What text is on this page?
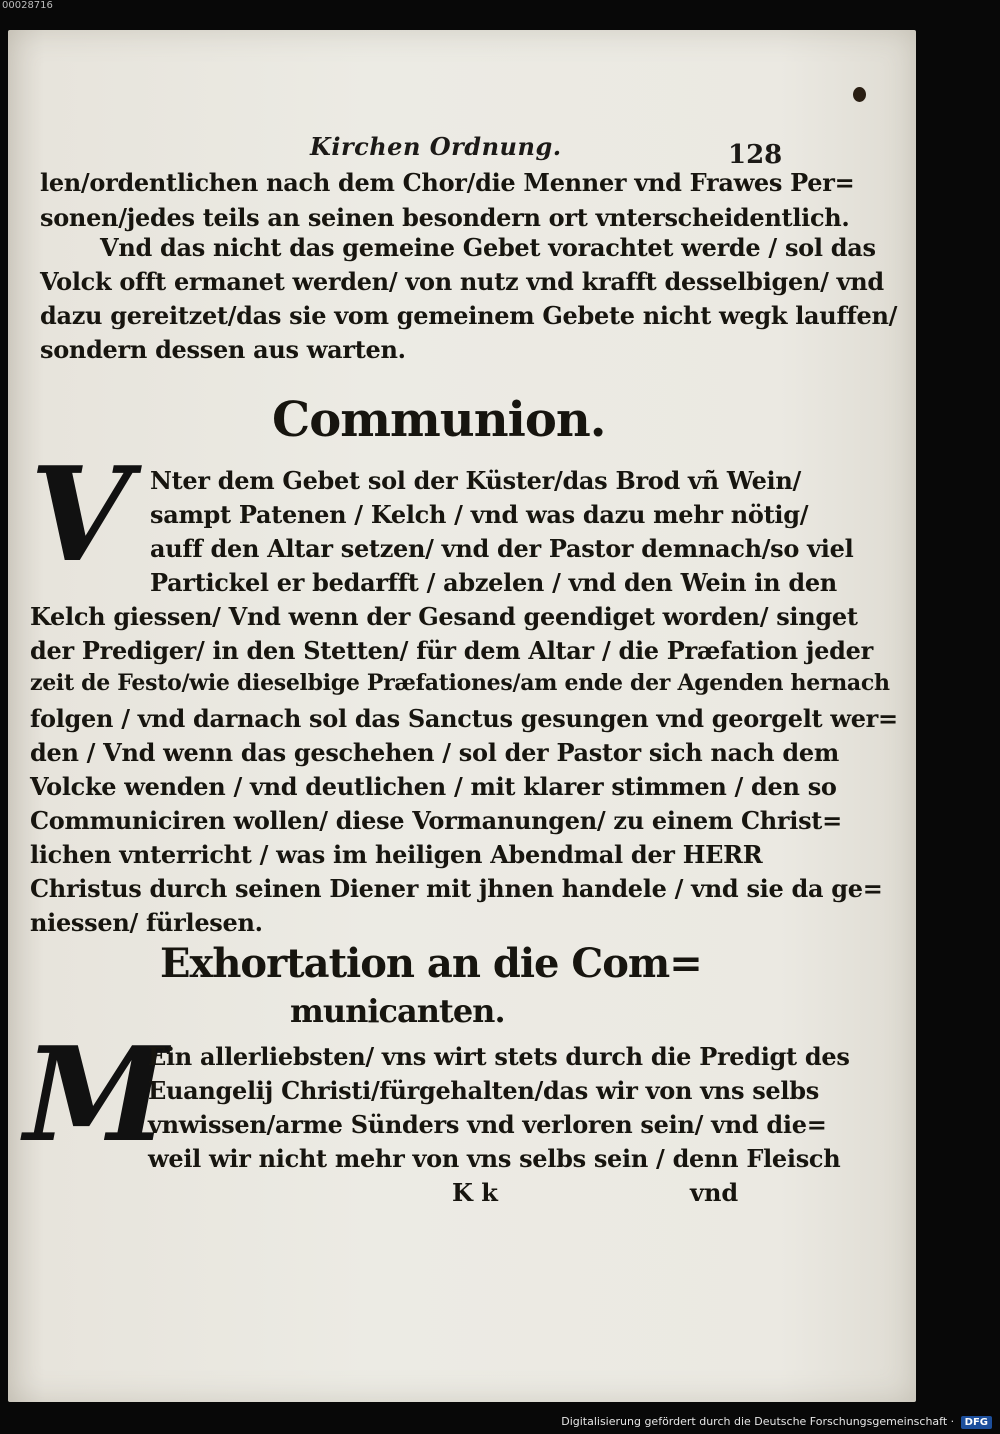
00028716
Kirchen Ordnung.	128
len/ordentlichen nach dem Chor/die Menner vnd Frawes Per=
sonen/jedes teils an seinen besondern ort vnterscheidentlich.
Vnd das nicht das gemeine Gebet vorachtet werde / sol das
Volck offt ermanet werden/ von nutz vnd krafft desselbigen/ vnd
dazu gereitzet/das sie vom gemeinem Gebete nicht wegk lauffen/
sondern dessen aus warten.
Communion.
V Nter dem Gebet sol der Küster/das Brod vñ Wein/
sampt Patenen / Kelch / vnd was dazu mehr nötig/
auff den Altar setzen/ vnd der Pastor demnach/so viel
Partickel er bedarfft / abzelen / vnd den Wein in den
Kelch giessen/ Vnd wenn der Gesand geendiget worden/ singet
der Prediger/ in den Stetten/ für dem Altar / die Præfation jeder
zeit de Festo/wie dieselbige Præfationes/am ende der Agenden hernach
folgen / vnd darnach sol das Sanctus gesungen vnd georgelt wer=
den / Vnd wenn das geschehen / sol der Pastor sich nach dem
Volcke wenden / vnd deutlichen / mit klarer stimmen / den so
Communiciren wollen/ diese Vormanungen/ zu einem Christ=
lichen vnterricht / was im heiligen Abendmal der HERR
Christus durch seinen Diener mit jhnen handele / vnd sie da ge=
niessen/ fürlesen.
Exhortation an die Com=
municanten.
M
Ein allerliebsten/ vns wirt stets durch die Predigt des
Euangelij Christi/fürgehalten/das wir von vns selbs
vnwissen/arme Sünders vnd verloren sein/ vnd die=
weil wir nicht mehr von vns selbs sein / denn Fleisch
K k	vnd
Digitalisierung gefördert durch die Deutsche Forschungsgemeinschaft · DFG
